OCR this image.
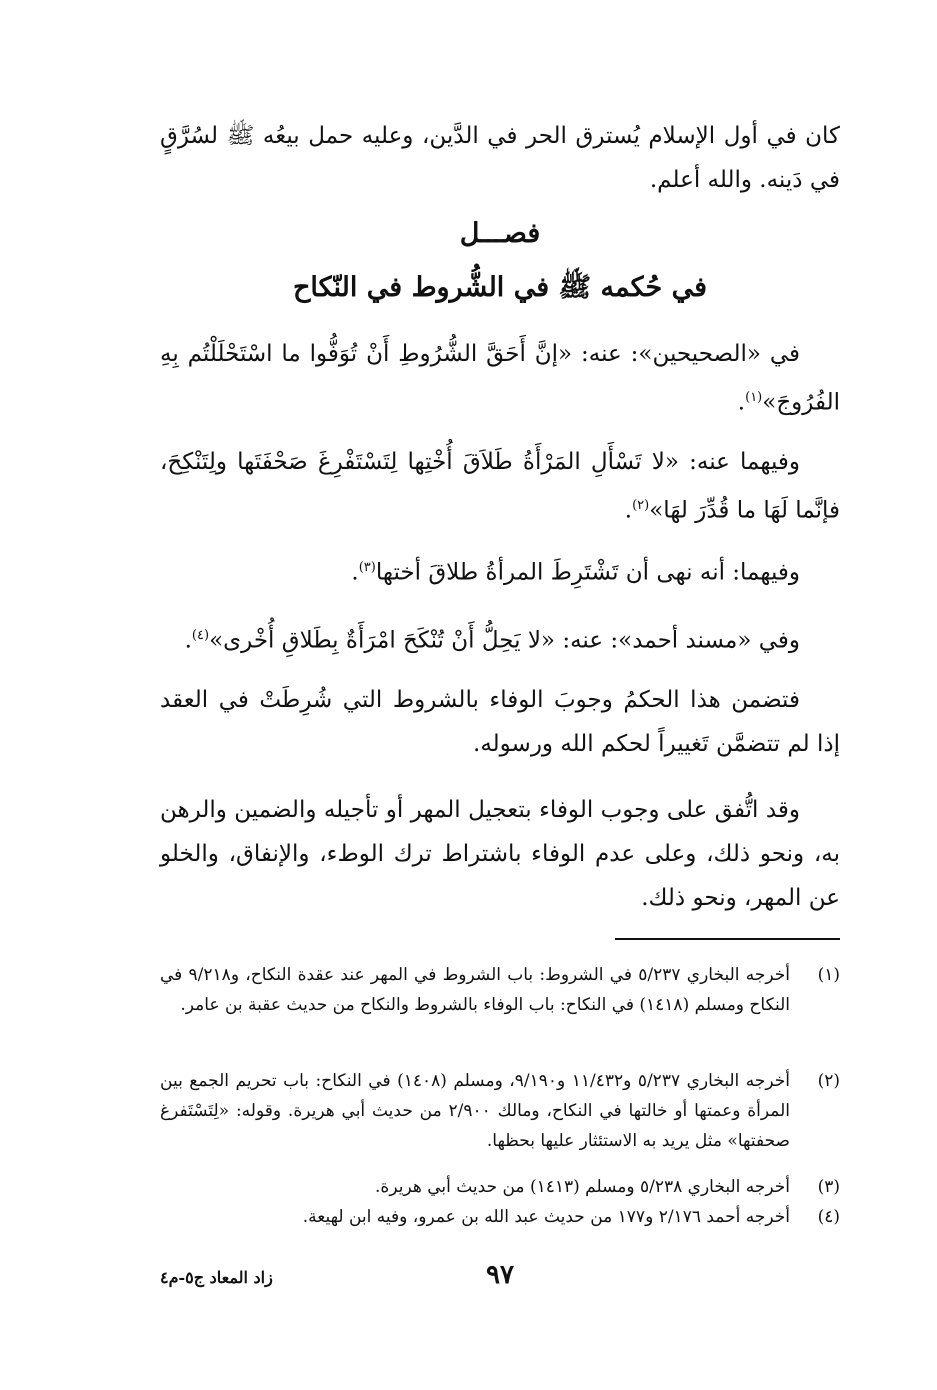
كان في أول الإسلام يُسترق الحر في الدَّين، وعليه حمل بيعُه ﷺ لسُرَّقٍ في دَينه. والله أعلم.

فصـــل
في حُكمه ﷺ في الشُّروط في النّكاح

في «الصحيحين»: عنه: «إنَّ أَحَقَّ الشُّرُوطِ أَنْ تُوَفُّوا ما اسْتَحْلَلْتُم بِهِ الفُرُوجَ»$^{(١)}$.

وفيهما عنه: «لا تَسْأَلِ المَرْأَةُ طَلاَقَ أُخْتِها لِتَسْتَفْرِغَ صَحْفَتَها ولِتَنْكِحَ، فإنَّما لَهَا ما قُدِّرَ لهَا»$^{(٢)}$.

وفيهما: أنه نهى أن تَشْتَرِطَ المرأةُ طلاقَ أختها$^{(٣)}$.

وفي «مسند أحمد»: عنه: «لا يَحِلُّ أَنْ تُنْكَحَ امْرَأَةٌ بِطَلاقِ أُخْرى»$^{(٤)}$.

فتضمن هذا الحكمُ وجوبَ الوفاء بالشروط التي شُرِطَتْ في العقد إذا لم تتضمَّن تَغييراً لحكم الله ورسوله.

وقد اتُّفق على وجوب الوفاء بتعجيل المهر أو تأجيله والضمين والرهن به، ونحو ذلك، وعلى عدم الوفاء باشتراط ترك الوطء، والإنفاق، والخلو عن المهر، ونحو ذلك.

(١)
أخرجه البخاري ٥/٢٣٧ في الشروط: باب الشروط في المهر عند عقدة النكاح، و٩/٢١٨ في النكاح ومسلم (١٤١٨) في النكاح: باب الوفاء بالشروط والنكاح من حديث عقبة بن عامر.
(٢)
أخرجه البخاري ٥/٢٣٧ و١١/٤٣٢ و٩/١٩٠، ومسلم (١٤٠٨) في النكاح: باب تحريم الجمع بين المرأة وعمتها أو خالتها في النكاح، ومالك ٢/٩٠٠ من حديث أبي هريرة. وقوله: «لِتَسْتَفرغ صحفتها» مثل يريد به الاستئثار عليها بحظها.
(٣)
أخرجه البخاري ٥/٢٣٨ ومسلم (١٤١٣) من حديث أبي هريرة.
(٤)
أخرجه أحمد ٢/١٧٦ و١٧٧ من حديث عبد الله بن عمرو، وفيه ابن لهيعة.
٩٧
زاد المعاد ج٥-م٤
